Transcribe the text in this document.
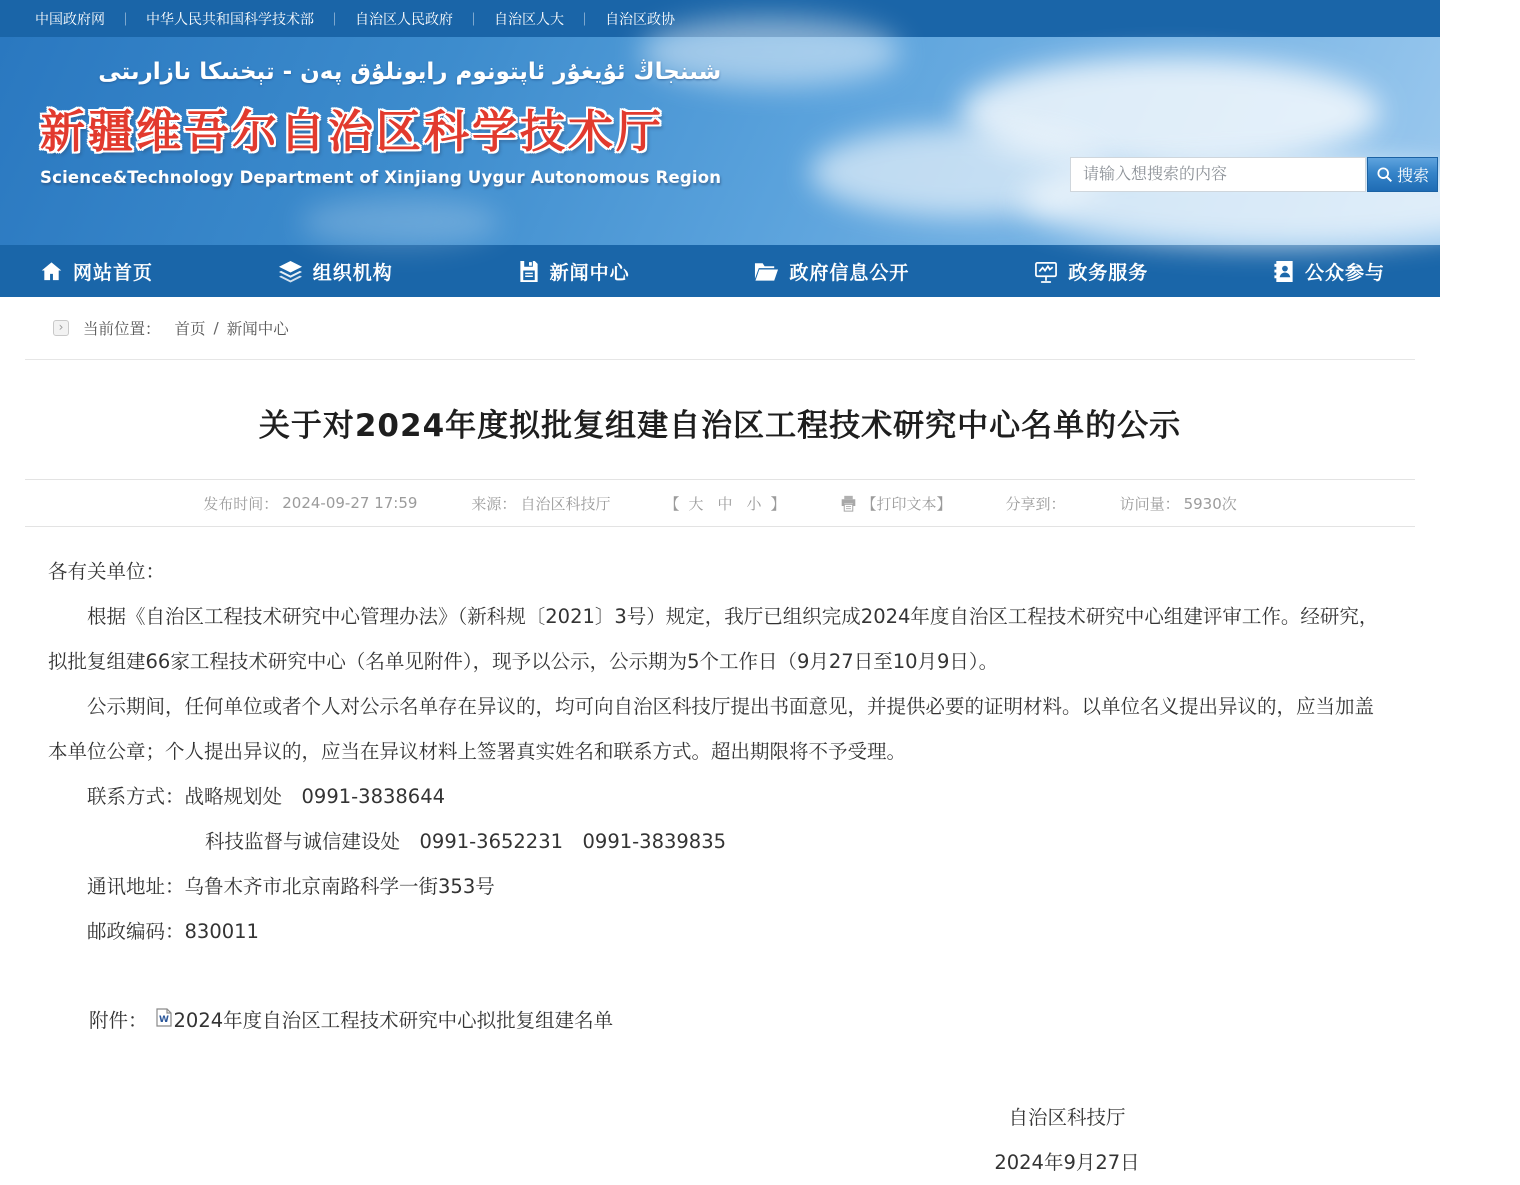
中国政府网 ｜ 中华人民共和国科学技术部 ｜ 自治区人民政府 ｜ 自治区人大 ｜ 自治区政协
شىنجاڭ ئۇيغۇر ئاپتونوم رايونلۇق پەن - تېخنىكا نازارىتى
新疆维吾尔自治区科学技术厅
Science&Technology Department of Xinjiang Uygur Autonomous Region
请输入想搜索的内容	搜索
网站首页	组织机构	新闻中心	政府信息公开	政务服务	公众参与
›	当前位置： 首页 / 新闻中心
关于对2024年度拟批复组建自治区工程技术研究中心名单的公示
发布时间： 2024-09-27 17:59	来源： 自治区科技厅	【 大 中 小 】	【打印文本】	分享到：	访问量： 5930次

各有关单位：

根据《自治区工程技术研究中心管理办法》（新科规〔2021〕3号）规定，我厅已组织完成2024年度自治区工程技术研究中心组建评审工作。经研究，拟批复组建66家工程技术研究中心（名单见附件），现予以公示，公示期为5个工作日（9月27日至10月9日）。

公示期间，任何单位或者个人对公示名单存在异议的，均可向自治区科技厅提出书面意见，并提供必要的证明材料。以单位名义提出异议的，应当加盖本单位公章；个人提出异议的，应当在异议材料上签署真实姓名和联系方式。超出期限将不予受理。

联系方式：战略规划处　0991-3838644

科技监督与诚信建设处　0991-3652231　0991-3839835

通讯地址：乌鲁木齐市北京南路科学一街353号

邮政编码：830011

附件： W 2024年度自治区工程技术研究中心拟批复组建名单
自治区科技厅
2024年9月27日
